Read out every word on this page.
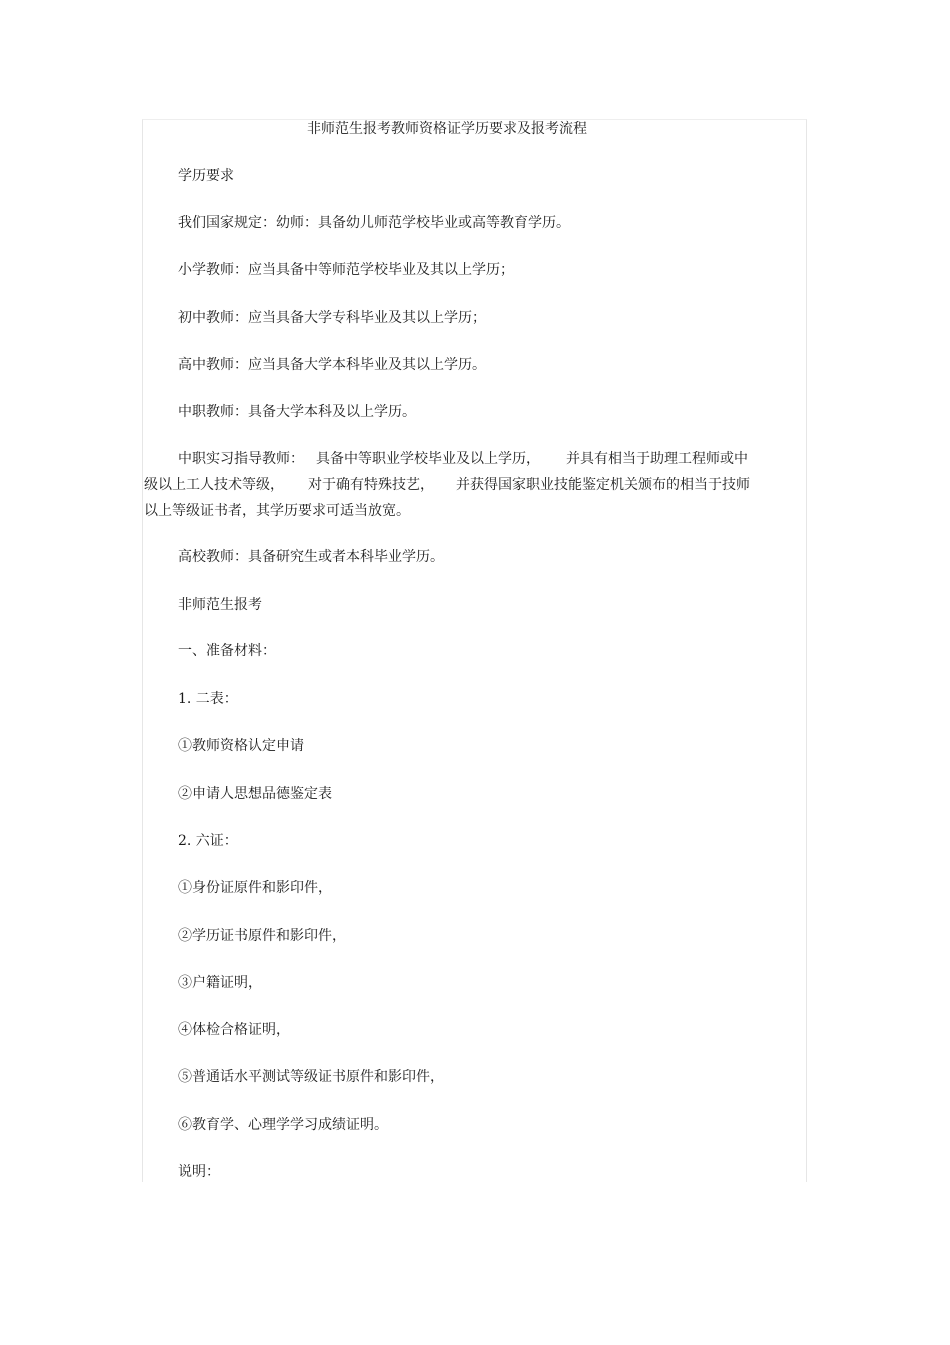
非师范生报考教师资格证学历要求及报考流程
学历要求
我们国家规定：幼师：具备幼儿师范学校毕业或高等教育学历。
小学教师：应当具备中等师范学校毕业及其以上学历；
初中教师：应当具备大学专科毕业及其以上学历；
高中教师：应当具备大学本科毕业及其以上学历。
中职教师：具备大学本科及以上学历。
中职实习指导教师： 具备中等职业学校毕业及以上学历， 并具有相当于助理工程师或中
级以上工人技术等级， 对于确有特殊技艺， 并获得国家职业技能鉴定机关颁布的相当于技师
以上等级证书者，其学历要求可适当放宽。
高校教师：具备研究生或者本科毕业学历。
非师范生报考
一、准备材料：
1. 二表：
①教师资格认定申请
②申请人思想品德鉴定表
2. 六证：
①身份证原件和影印件，
②学历证书原件和影印件，
③户籍证明，
④体检合格证明，
⑤普通话水平测试等级证书原件和影印件，
⑥教育学、心理学学习成绩证明。
说明：
